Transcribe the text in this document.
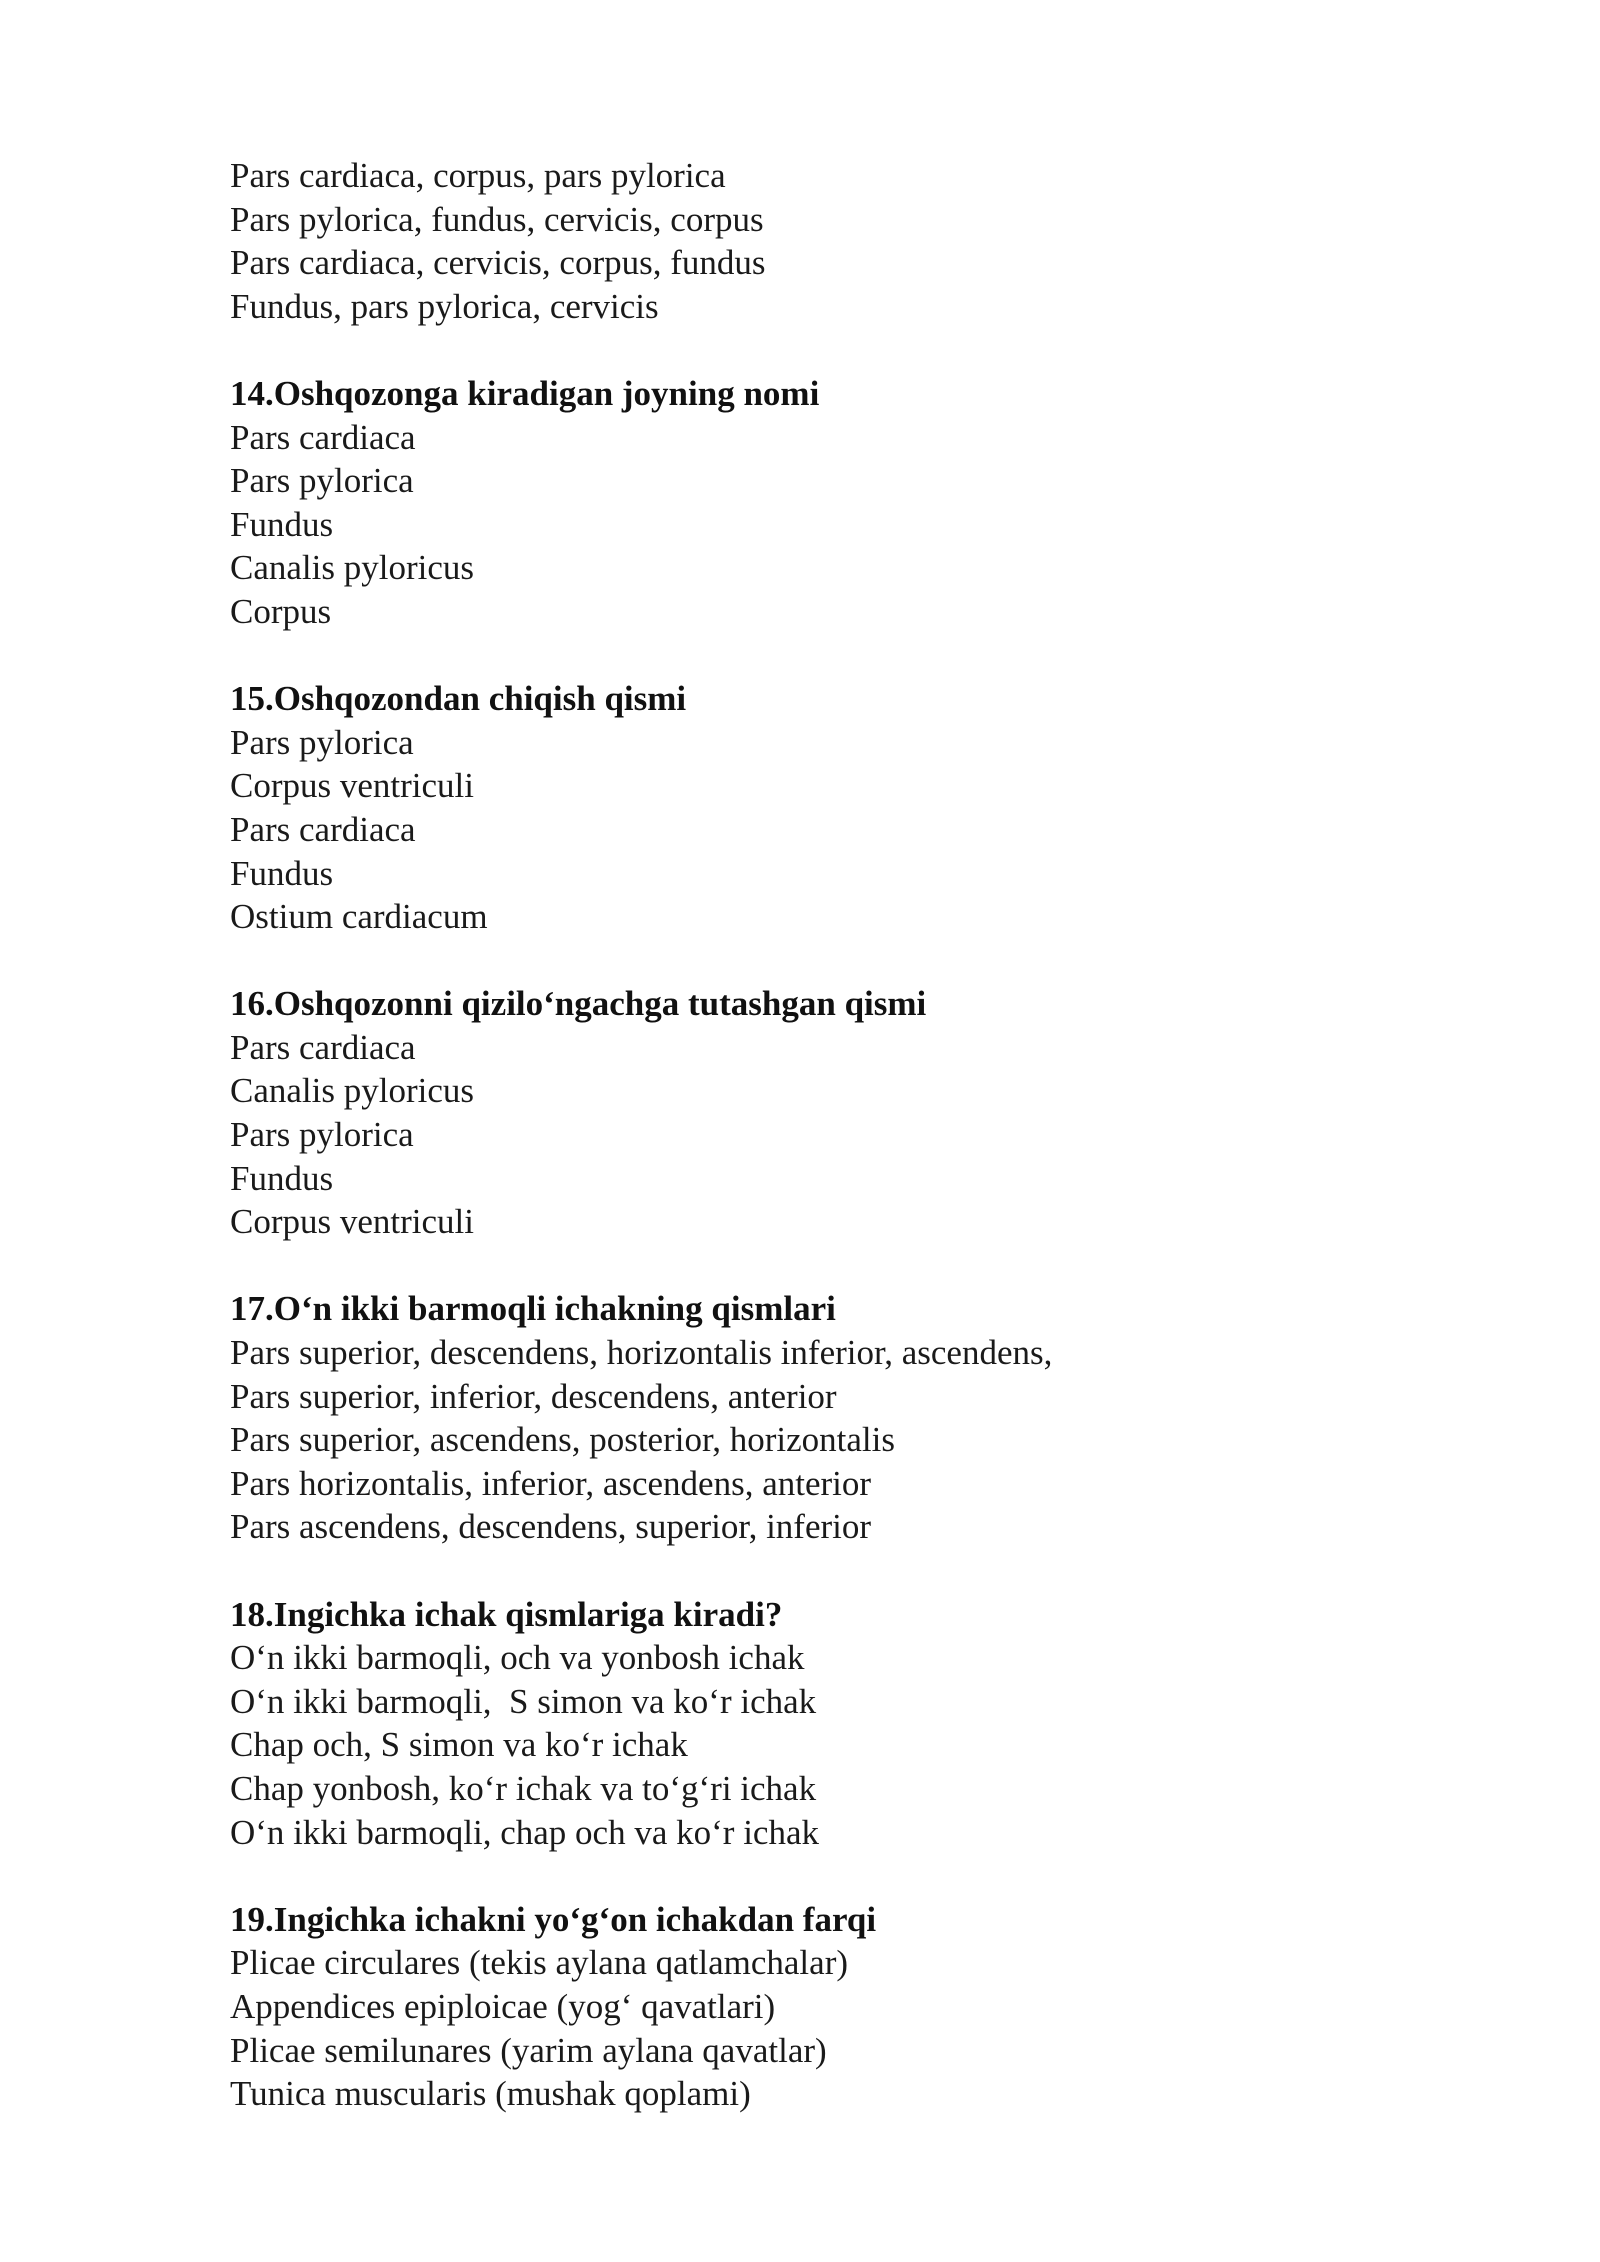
Pars cardiaca, corpus, pars pylorica

Pars pylorica, fundus, cervicis, corpus

Pars cardiaca, cervicis, corpus, fundus

Fundus, pars pylorica, cervicis

14.Oshqozonga kiradigan joyning nomi

Pars cardiaca

Pars pylorica

Fundus

Canalis pyloricus

Corpus

15.Oshqozondan chiqish qismi

Pars pylorica

Corpus ventriculi

Pars cardiaca

Fundus

Ostium cardiacum

16.Oshqozonni qizilo‘ngachga tutashgan qismi

Pars cardiaca

Canalis pyloricus

Pars pylorica

Fundus

Corpus ventriculi

17.O‘n ikki barmoqli ichakning qismlari

Pars superior, descendens, horizontalis inferior, ascendens,

Pars superior, inferior, descendens, anterior

Pars superior, ascendens, posterior, horizontalis

Pars horizontalis, inferior, ascendens, anterior

Pars ascendens, descendens, superior, inferior

18.Ingichka ichak qismlariga kiradi?

O‘n ikki barmoqli, och va yonbosh ichak

O‘n ikki barmoqli,  S simon va ko‘r ichak

Chap och, S simon va ko‘r ichak

Chap yonbosh, ko‘r ichak va to‘g‘ri ichak

O‘n ikki barmoqli, chap och va ko‘r ichak

19.Ingichka ichakni yo‘g‘on ichakdan farqi

Plicae circulares (tekis aylana qatlamchalar)

Appendices epiploicae (yog‘ qavatlari)

Plicae semilunares (yarim aylana qavatlar)

Tunica muscularis (mushak qoplami)
